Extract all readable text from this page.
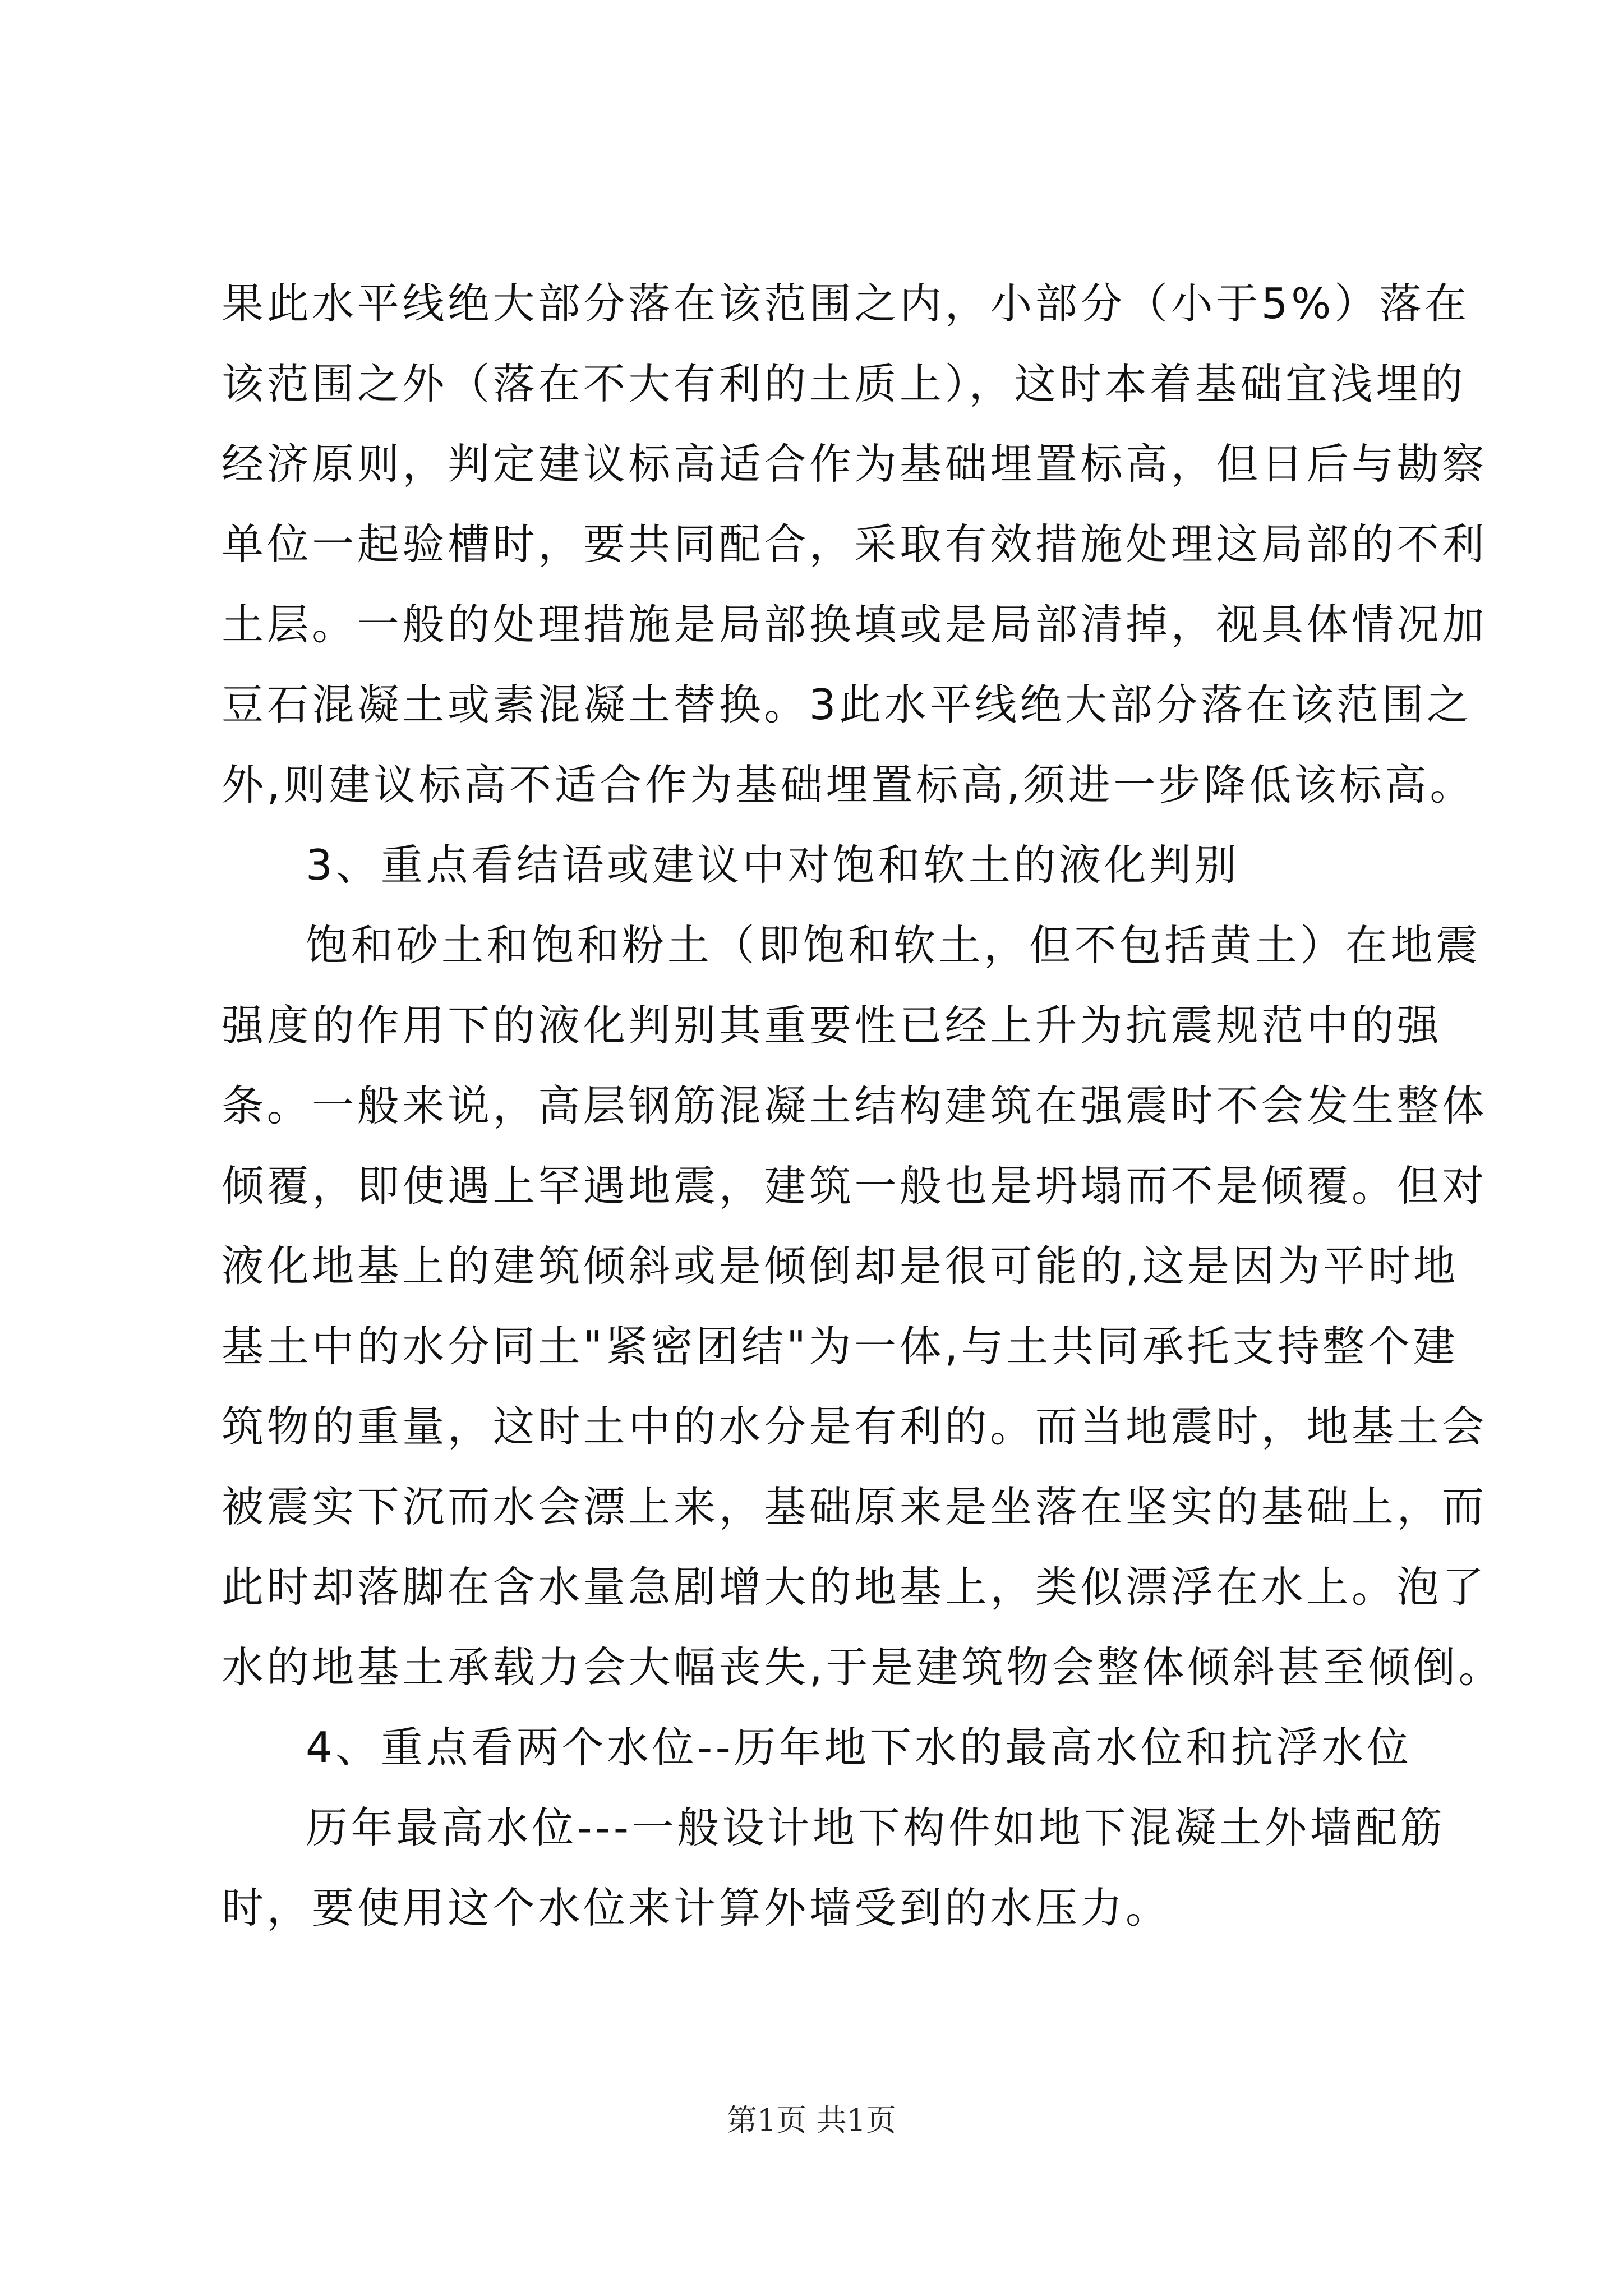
果此水平线绝大部分落在该范围之内，小部分（小于5%）落在
该范围之外（落在不大有利的土质上），这时本着基础宜浅埋的
经济原则，判定建议标高适合作为基础埋置标高，但日后与勘察
单位一起验槽时，要共同配合，采取有效措施处理这局部的不利
土层。一般的处理措施是局部换填或是局部清掉，视具体情况加
豆石混凝土或素混凝土替换。3此水平线绝大部分落在该范围之
外,则建议标高不适合作为基础埋置标高,须进一步降低该标高。
3、重点看结语或建议中对饱和软土的液化判别
饱和砂土和饱和粉土（即饱和软土，但不包括黄土）在地震
强度的作用下的液化判别其重要性已经上升为抗震规范中的强
条。一般来说，高层钢筋混凝土结构建筑在强震时不会发生整体
倾覆，即使遇上罕遇地震，建筑一般也是坍塌而不是倾覆。但对
液化地基上的建筑倾斜或是倾倒却是很可能的,这是因为平时地
基土中的水分同土"紧密团结"为一体,与土共同承托支持整个建
筑物的重量，这时土中的水分是有利的。而当地震时，地基土会
被震实下沉而水会漂上来，基础原来是坐落在坚实的基础上，而
此时却落脚在含水量急剧增大的地基上，类似漂浮在水上。泡了
水的地基土承载力会大幅丧失,于是建筑物会整体倾斜甚至倾倒。
4、重点看两个水位--历年地下水的最高水位和抗浮水位
历年最高水位---一般设计地下构件如地下混凝土外墙配筋
时，要使用这个水位来计算外墙受到的水压力。
第1页 共1页
